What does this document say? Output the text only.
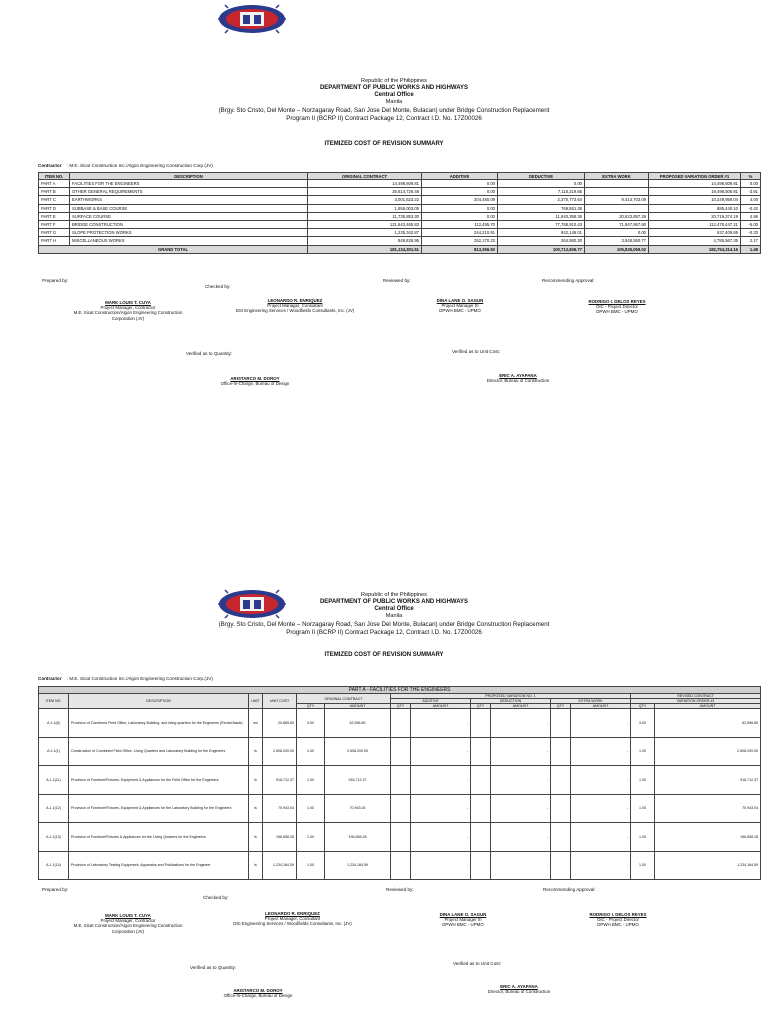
Republic of the Philippines
DEPARTMENT OF PUBLIC WORKS AND HIGHWAYS
Central Office
Manila
(Brgy. Sto Cristo, Del Monte – Norzagaray Road, San Jose Del Monte, Bulacan) under Bridge Construction Replacement
Program II (BCRP II) Contract Package 12, Contract I.D. No. 17Z00026
ITEMIZED COST OF REVISION SUMMARY
Contractor : M.E. Sicat Construction Inc./Algon Engineering Construction Corp.(JV)
ITEM NO.	DESCRIPTION	ORIGINAL CONTRACT	ADDITIVE	DEDUCTIVE	EXTRA WORK	PROPOSED VARIATION ORDER #1	%
PART A	FACILITIES FOR THE ENGINEERS	14,498,609.81	0.00	0.00		14,498,609.81	0.00
PART B	OTHER GENERAL REQUIREMENTS	26,614,726.48	0.00	7,116,219.65		19,498,506.81	-3.91
PART C	EARTHWORKS	3,001,523.22	204,480.09	2,370,773.64	9,414,703.09	10,249,959.04	4.00
PART D	SUBBASE & BASE COURSE	1,655,003.05	0.00	769,551.38		885,440.10	-0.42
PART E	SURFACE COURSE	11,735,853.30	0.00	11,640,358.36	20,623,857.26	20,719,374.19	4.96
PART F	BRIDGE CONSTRUCTION	121,543,465.83	112,495.70	77,788,910.43	71,847,957.90	112,478,447.21	-5.00
PART G	SLOPE PROTECTION WORKS	1,235,342.87	244,210.91	842,145.01	0.00	637,409.65	-0.33
PART H	MISCELLANEOUS WORKS	849,826.95	252,170.22	264,980.30	3,948,550.77	4,785,567.35	2.17
GRAND TOTAL		181,134,301.51	813,356.92	100,712,836.77	105,835,069.02	182,754,314.16	1.48
Prepared by:
Checked by:
Reviewed by:	Recommending Approval:
MARK LOUIS T. CUYA
Project Manager, Contractor
M.E. Sicat Construction/Algon Engineering Construction
Corporation (JV)
LEONARDO R. ENRIQUEZ
Project Manager, Consultant
DSI Engineering Services / Woodfields Consultants, Inc. (JV)
DINA LANE O. SAGUN
Project Manager III
DPWH BMC - UPMO
RODRIGO I. DELOS REYES
OIC - Project Director
DPWH BMC - UPMO
Verified as to Quantity:	Verified as to Unit Cost:
ARISTARCO M. DOROY
Office-In-Charge, Bureau of Design
ERIC A. AYAPANA
Director, Bureau of Construction
Republic of the Philippines
DEPARTMENT OF PUBLIC WORKS AND HIGHWAYS
Central Office
Manila
(Brgy. Sto Cristo, Del Monte – Norzagaray Road, San Jose Del Monte, Bulacan) under Bridge Construction Replacement
Program II (BCRP II) Contract Package 12, Contract I.D. No. 17Z00026
ITEMIZED COST OF REVISION SUMMARY
Contractor : M.E. Sicat Construction Inc./Algon Engineering Construction Corp.(JV)
PART A - FACILITIES FOR THE ENGINEERS													
ITEM NO.	DESCRIPTION	UNIT	UNIT COST	ORIGINAL CONTRACT		PROPOSED VARIATION NO. 1						REVISED CONTRACT	
						ADDITIVE		DEDUCTION		EXTRA WORK		VARIATION ORDER #1	
				QTY	AMOUNT	QTY	AMOUNT	QTY	AMOUNT	QTY	AMOUNT	QTY	AMOUNT
A.1.1(8)	Provision of Combined Field Office, Laboratory Building, and living quarters for the Engineers (Rental Basis)	mo	20,865.60	3.00	62,596.80		-		-		-	3.00	62,596.80
A.1.1(1)	Construction of Combined Field Office, Living Quarters and Laboratory Building for the Engineers	ls	2,608,200.00	1.00	2,608,200.00		-		-		-	1.00	2,608,200.00
A.1.1(11)	Provision of Furniture/Fixtures, Equipment & Appliances for the Field Office for the Engineers	ls	918,712.37	1.00	918,712.37		-		-		-	1.00	918,712.37
A.1.1(12)	Provision of Furniture/Fixtures, Equipment & Appliances for the Laboratory Building for the Engineers	ls	70,943.04	1.00	70,943.04		-		-		-	1.00	70,943.04
A.1.1(13)	Provision of Furniture/Fixtures & Appliances for the Living Quarters for the Engineers	ls	196,658.28	1.00	196,658.28		-		-		-	1.00	196,658.28
A.1.1(14)	Provision of Laboratory Testing Equipment, Apparatus and Publications for the Engineer	ls	1,234,184.59	1.00	1,234,184.59		-		-		-	1.00	1,234,184.59
Prepared by:
Checked by:
Reviewed by:	Recommending Approval:
MARK LOUIS T. CUYA
Project Manager, Contractor
M.E. Sicat Construction/Algon Engineering Construction
Corporation (JV)
LEONARDO R. ENRIQUEZ
Project Manager, Consultant
DSI Engineering Services / Woodfields Consultants, Inc. (JV)
DINA LANE O. SAGUN
Project Manager III
DPWH BMC - UPMO
RODRIGO I. DELOS REYES
OIC - Project Director
DPWH BMC - UPMO
Verified as to Quantity:
Verified as to Unit Cost:
ARISTARCO M. DOROY
Office-In-Charge, Bureau of Design
ERIC A. AYAPANA
Director, Bureau of Construction
